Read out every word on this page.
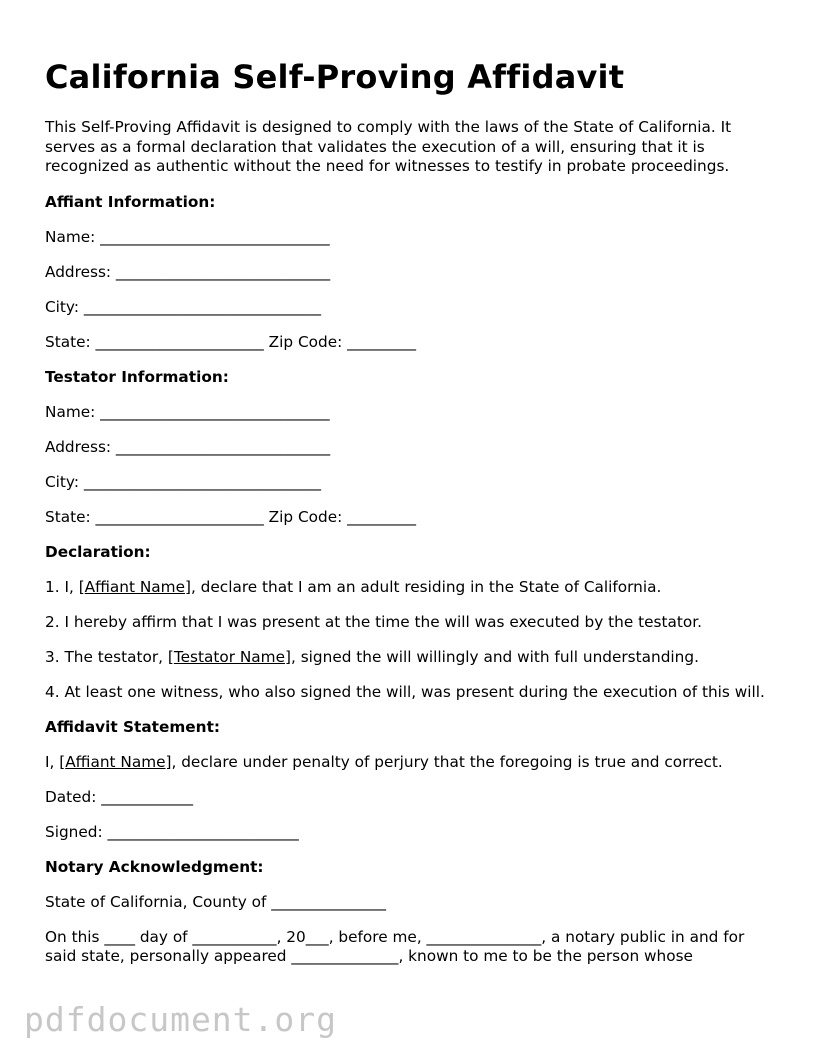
California Self-Proving Affidavit

This Self-Proving Affidavit is designed to comply with the laws of the State of California. It serves as a formal declaration that validates the execution of a will, ensuring that it is recognized as authentic without the need for witnesses to testify in probate proceedings.

Affiant Information:

Name: ______________________________

Address: ____________________________

City: _______________________________

State: ______________________ Zip Code: _________

Testator Information:

Name: ______________________________

Address: ____________________________

City: _______________________________

State: ______________________ Zip Code: _________

Declaration:

1. I, [Affiant Name], declare that I am an adult residing in the State of California.

2. I hereby affirm that I was present at the time the will was executed by the testator.

3. The testator, [Testator Name], signed the will willingly and with full understanding.

4. At least one witness, who also signed the will, was present during the execution of this will.

Affidavit Statement:

I, [Affiant Name], declare under penalty of perjury that the foregoing is true and correct.

Dated: ____________

Signed: _________________________

Notary Acknowledgment:

State of California, County of _______________

On this ____ day of ___________, 20___, before me, _______________, a notary public in and for said state, personally appeared ______________, known to me to be the person whose

pdfdocument.org
